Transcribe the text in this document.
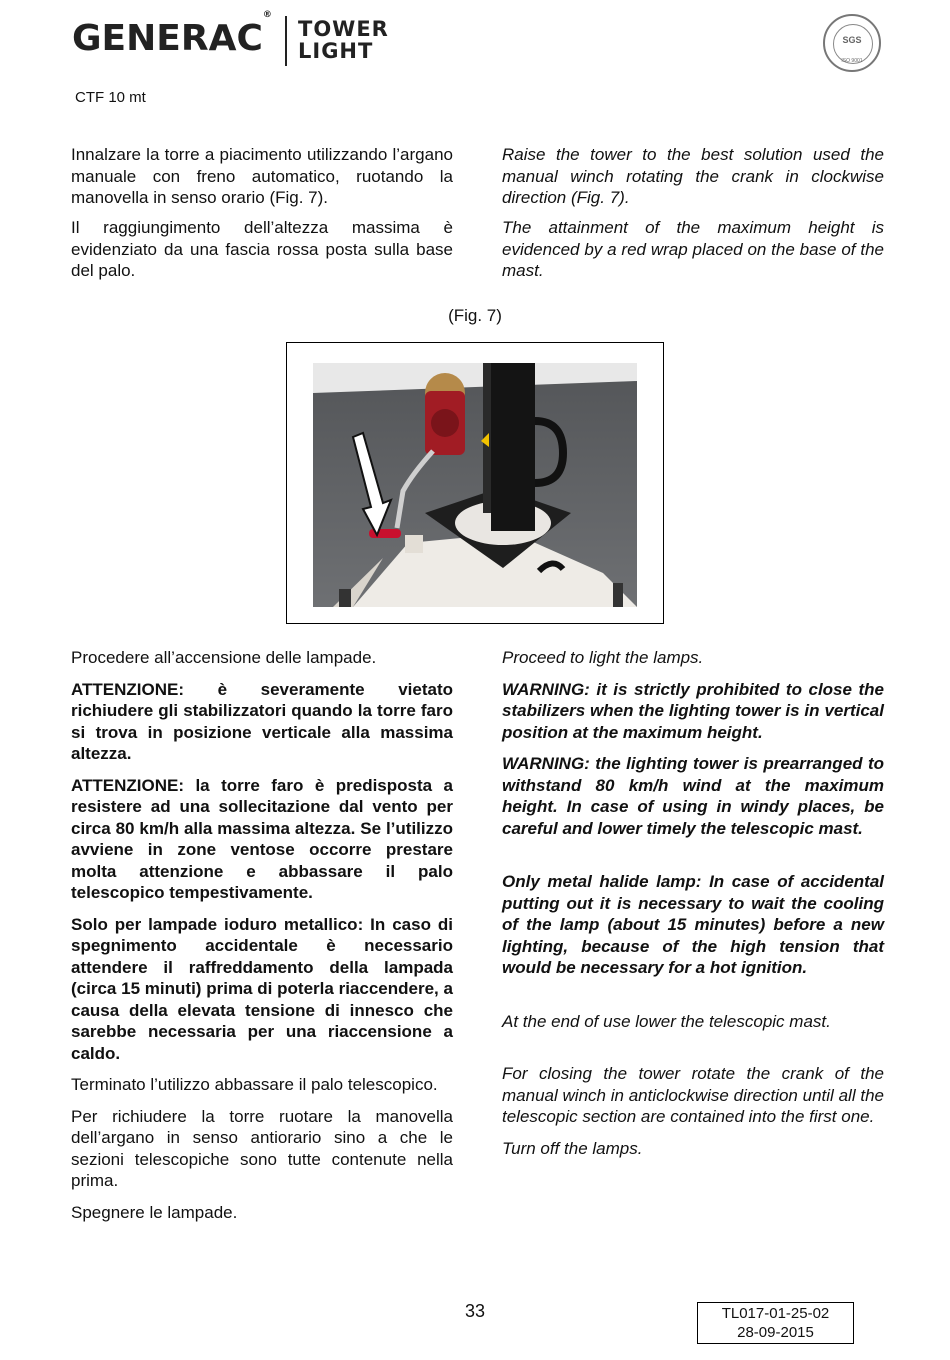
GENERAC®
TOWER
LIGHT	SGS
ISO 9001
CTF 10 mt

Innalzare la torre a piacimento utilizzando l’argano manuale con freno automatico, ruotando la manovella in senso orario (Fig. 7).

Il raggiungimento dell’altezza massima è evidenziato da una fascia rossa posta sulla base del palo.

Raise the tower to the best solution used the manual winch rotating the crank in clockwise direction (Fig. 7).

The attainment of the maximum height is evidenced by a red wrap placed on the base of the mast.

(Fig. 7)

Procedere all’accensione delle lampade.

ATTENZIONE: è severamente vietato richiudere gli stabilizzatori quando la torre faro si trova in posizione verticale alla massima altezza.

ATTENZIONE: la torre faro è predisposta a resistere ad una sollecitazione dal vento per circa 80 km/h alla massima altezza. Se l’utilizzo avviene in zone ventose occorre prestare molta attenzione e abbassare il palo telescopico tempestivamente.

Solo per lampade ioduro metallico: In caso di spegnimento accidentale è necessario attendere il raffreddamento della lampada (circa 15 minuti) prima di poterla riaccendere, a causa della elevata tensione di innesco che sarebbe necessaria per una riaccensione a caldo.

Terminato l’utilizzo abbassare il palo telescopico.

Per richiudere la torre ruotare la manovella dell’argano in senso antiorario sino a che le sezioni telescopiche sono tutte contenute nella prima.

Spegnere le lampade.

Proceed to light the lamps.

WARNING: it is strictly prohibited to close the stabilizers when the lighting tower is in vertical position at the maximum height.

WARNING: the lighting tower is prearranged to withstand 80 km/h wind at the maximum height. In case of using in windy places, be careful and lower timely the telescopic mast.

Only metal halide lamp: In case of accidental putting out it is necessary to wait the cooling of the lamp (about 15 minutes) before a new lighting, because of the high tension that would be necessary for a hot ignition.

At the end of use lower the telescopic mast.

For closing the tower rotate the crank of the manual winch in anticlockwise direction until all the telescopic section are contained into the first one.

Turn off the lamps.

33	TL017-01-25-02
28-09-2015
